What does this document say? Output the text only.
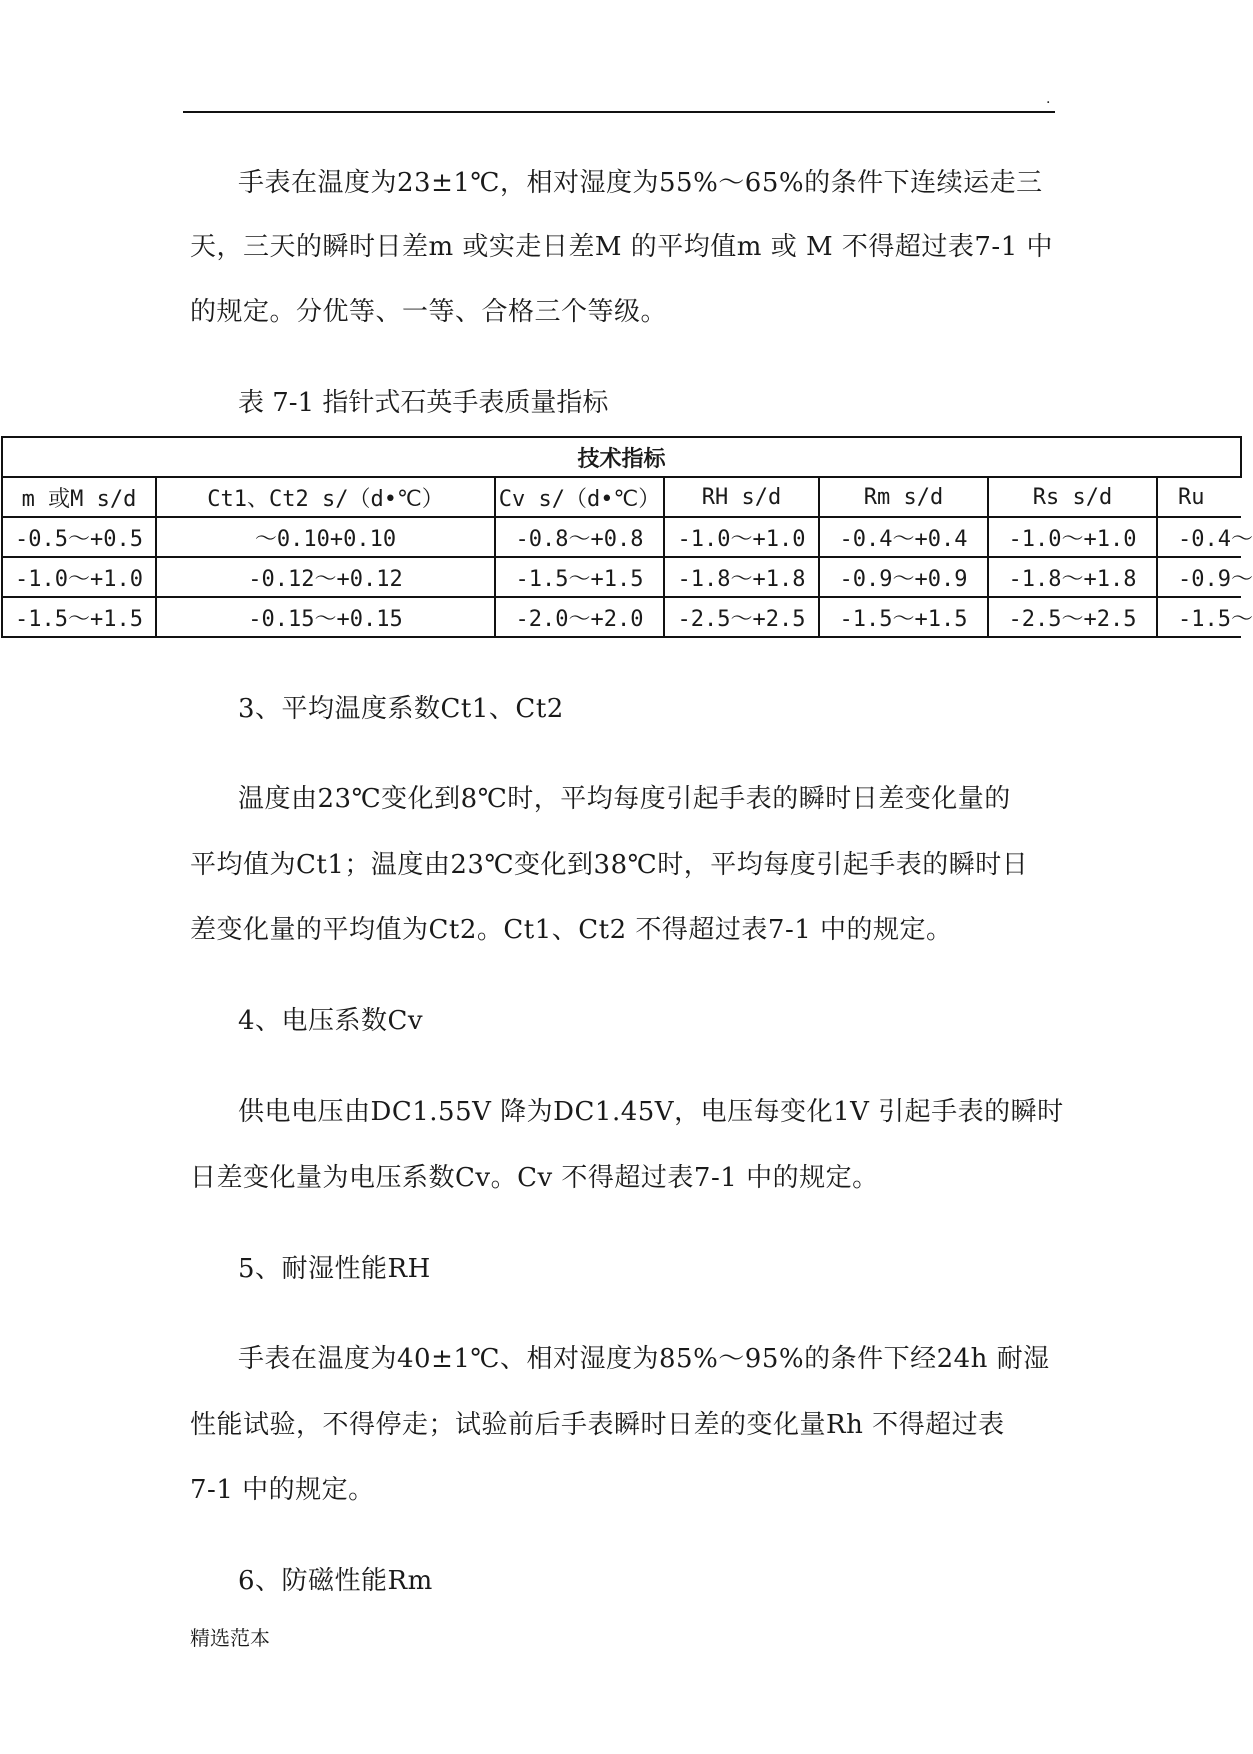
.
手表在温度为23±1℃，相对湿度为55%～65%的条件下连续运走三
天，三天的瞬时日差m 或实走日差M 的平均值m 或 M 不得超过表7-1 中
的规定。分优等、一等、合格三个等级。
表 7-1 指针式石英手表质量指标
技术指标						
m 或M s/d	Ct1、Ct2 s/（d•℃）	Cv s/（d•℃）	RH s/d	Rm s/d	Rs s/d	Ru
-0.5～+0.5	～0.10+0.10	-0.8～+0.8	-1.0～+1.0	-0.4～+0.4	-1.0～+1.0	-0.4～
-1.0～+1.0	-0.12～+0.12	-1.5～+1.5	-1.8～+1.8	-0.9～+0.9	-1.8～+1.8	-0.9～
-1.5～+1.5	-0.15～+0.15	-2.0～+2.0	-2.5～+2.5	-1.5～+1.5	-2.5～+2.5	-1.5～
3、平均温度系数Ct1、Ct2
温度由23℃变化到8℃时，平均每度引起手表的瞬时日差变化量的
平均值为Ct1；温度由23℃变化到38℃时，平均每度引起手表的瞬时日
差变化量的平均值为Ct2。Ct1、Ct2 不得超过表7-1 中的规定。
4、电压系数Cv
供电电压由DC1.55V 降为DC1.45V，电压每变化1V 引起手表的瞬时
日差变化量为电压系数Cv。Cv 不得超过表7-1 中的规定。
5、耐湿性能RH
手表在温度为40±1℃、相对湿度为85%～95%的条件下经24h 耐湿
性能试验，不得停走；试验前后手表瞬时日差的变化量Rh 不得超过表
7-1 中的规定。
6、防磁性能Rm
精选范本
